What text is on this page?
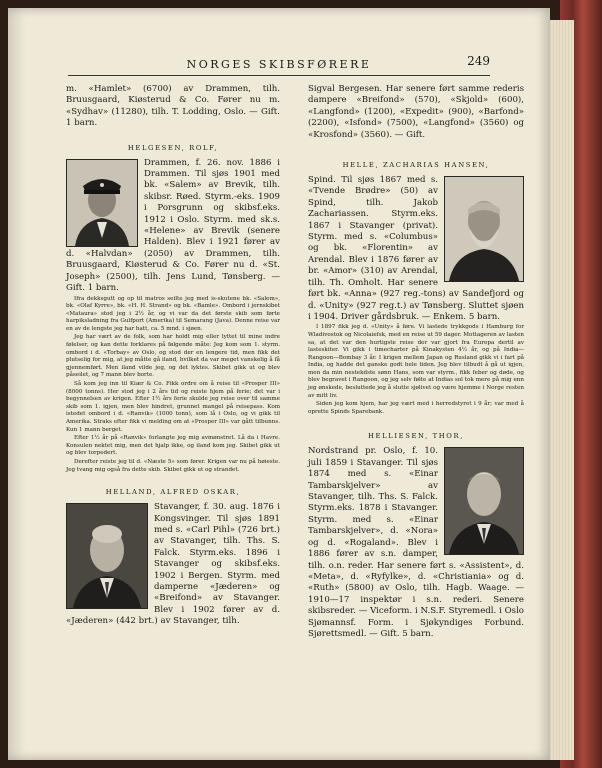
NORGES SKIBSFØRERE	249

m. «Hamlet» (6700) av Drammen, tilh. Bruusgaard, Kiøsterud & Co. Fører nu m. «Sydhav» (11280), tilh. T. Lodding, Oslo. — Gift. 1 barn.

HELGESEN, ROLF,

Drammen, f. 26. nov. 1886 i Drammen. Til sjøs 1901 med bk. «Salem» av Brevik, tilh. skibsr. Røed. Styrm.-eks. 1909 i Porsgrunn og skibsf.eks. 1912 i Oslo. Styrm. med sk.s. «Helene» av Brevik (senere Halden). Blev i 1921 fører av d. «Halvdan» (2050) av Drammen, tilh. Bruusgaard, Kiøsterud & Co. Fører nu d. «St. Joseph» (2500), tilh. Jens Lund, Tønsberg. — Gift. 1 barn.

Ifra dekksgutt og op til matros seilte jeg med is-skutene bk. «Salem», bk. «Olaf Kyrre», bk. «H. H. Strand» og bk. «Bamle». Ombord i jernskibet «Mataura» stod jeg i 2½ år, og vi var da det første skib som førte harpiksladning fra Gulfport (Amerika) til Semarang (Java). Denne reise var en av de lengste jeg har hatt, ca. 5 mnd. i sjøen.

Jeg har vært av de folk, som har holdt mig eller lyttet til mine indre følelser, og kan dette forklares på følgende måte: Jeg kom som 1. styrm. ombord i d. «Torbay» av Oslo, og stod der en lengere tid, men fikk det plutselig for mig, at jeg måtte gå iland, hvilket da var meget vanskelig å få gjennemført. Men iland vilde jeg, og det lyktes. Skibet gikk ut og blev påseilet, og 7 mann blev borte.

Så kom jeg inn til Kiær & Co. Fikk ordre om å reise til «Prosper III» (8000 tonns). Her stod jeg i 2 års tid og reiste hjem på ferie; det var i begynnelsen av krigen. Efter 1½ års ferie skulde jeg reise over til samme skib som 1. igjen, men blev hindret, grunnet mangel på reisepass. Kom istedet ombord i d. «Ranvik» (1000 tonn), som lå i Oslo, og vi gikk til Amerika. Straks efter fikk vi melding om at «Prosper III» var gått tilbunns. Kun 1 mann berget.

Efter 1½ år på «Ranvik» forlangte jeg mig avmønstret. Lå da i Havre. Konsulen nektet mig, men det hjalp ikke, og iland kom jeg. Skibet gikk ut og blev torpedert.

Derefter reiste jeg til d. «Næste 5» som fører. Krigen var nu på høieste. Jeg tvang mig også fra dette skib. Skibet gikk ut og strandet.

HELLAND, ALFRED OSKAR,

Stavanger, f. 30. aug. 1876 i Kongsvinger. Til sjøs 1891 med s. «Carl Pihl» (726 brt.) av Stavanger, tilh. Ths. S. Falck. Styrm.eks. 1896 i Stavanger og skibsf.eks. 1902 i Bergen. Styrm. med damperne «Jæderen» og «Breifond» av Stavanger. Blev i 1902 fører av d. «Jæderen» (442 brt.) av Stavanger, tilh.

Sigval Bergesen. Har senere ført samme rederis dampere «Breifond» (570), «Skjold» (600), «Langfond» (1200), «Expedit» (900), «Barfond» (2200), «Isfond» (7500), «Langfond» (3560) og «Krosfond» (3560). — Gift.

HELLE, ZACHARIAS HANSEN,

Spind. Til sjøs 1867 med s. «Tvende Brødre» (50) av Spind, tilh. Jakob Zachariassen. Styrm.eks. 1867 i Stavanger (privat). Styrm. med s. «Columbus» og bk. «Florentin» av Arendal. Blev i 1876 fører av br. «Amor» (310) av Arendal, tilh. Th. Omholt. Har senere ført bk. «Anna» (927 reg.-tons) av Sandefjord og d. «Unity» (927 reg.t.) av Tønsberg. Sluttet sjøen i 1904. Driver gårdsbruk. — Enkem. 5 barn.

I 1897 fikk jeg d. «Unity» å føre. Vi lastede trykkgods i Hamburg for Wladivostok og Nicolaiefsk, med en reise ut 59 dager. Mottageren av lasten sa, at det var den hurtigste reise der var gjort fra Europa dertil av lasteskiter. Vi gikk i timecharter på Kinakysten 4½ år, og på India—Rangoon—Bombay 3 år. I krigen mellem Japan og Rusland gikk vi i fart på India, og hadde det ganske godt hele tiden. Jeg blev tilbudt å gå ut igjen, men da min nestekdste sønn Hans, som var styrm., fikk feber og døde, og blev begravet i Rangoon, og jeg selv følte at Indias sol tok mere på mig enn jeg ønskede, besluttede jeg å slutte sjølivet og være hjemme i Norge resten av mitt liv.

Siden jeg kom hjem, har jeg vært med i herredstyret i 9 år; var med å oprette Spinds Sparebank.

HELLIESEN, THOR,

Nordstrand pr. Oslo, f. 10. juli 1859 i Stavanger. Til sjøs 1874 med s. «Einar Tambarskjelver» av Stavanger, tilh. Ths. S. Falck. Styrm.eks. 1878 i Stavanger. Styrm. med s. «Einar Tambarskjelver», d. «Nora» og d. «Rogaland». Blev i 1886 fører av s.n. damper, tilh. o.n. reder. Har senere ført s. «Assistent», d. «Meta», d. «Ryfylke», d. «Christiania» og d. «Ruth» (5800) av Oslo, tilh. Hagb. Waage. — 1910—17 inspektør i s.n. rederi. Senere skibsreder. — Viceform. i N.S.F. Styremedl. i Oslo Sjømannsf. Form. i Sjøkyndiges Forbund. Sjørettsmedl. — Gift. 5 barn.
